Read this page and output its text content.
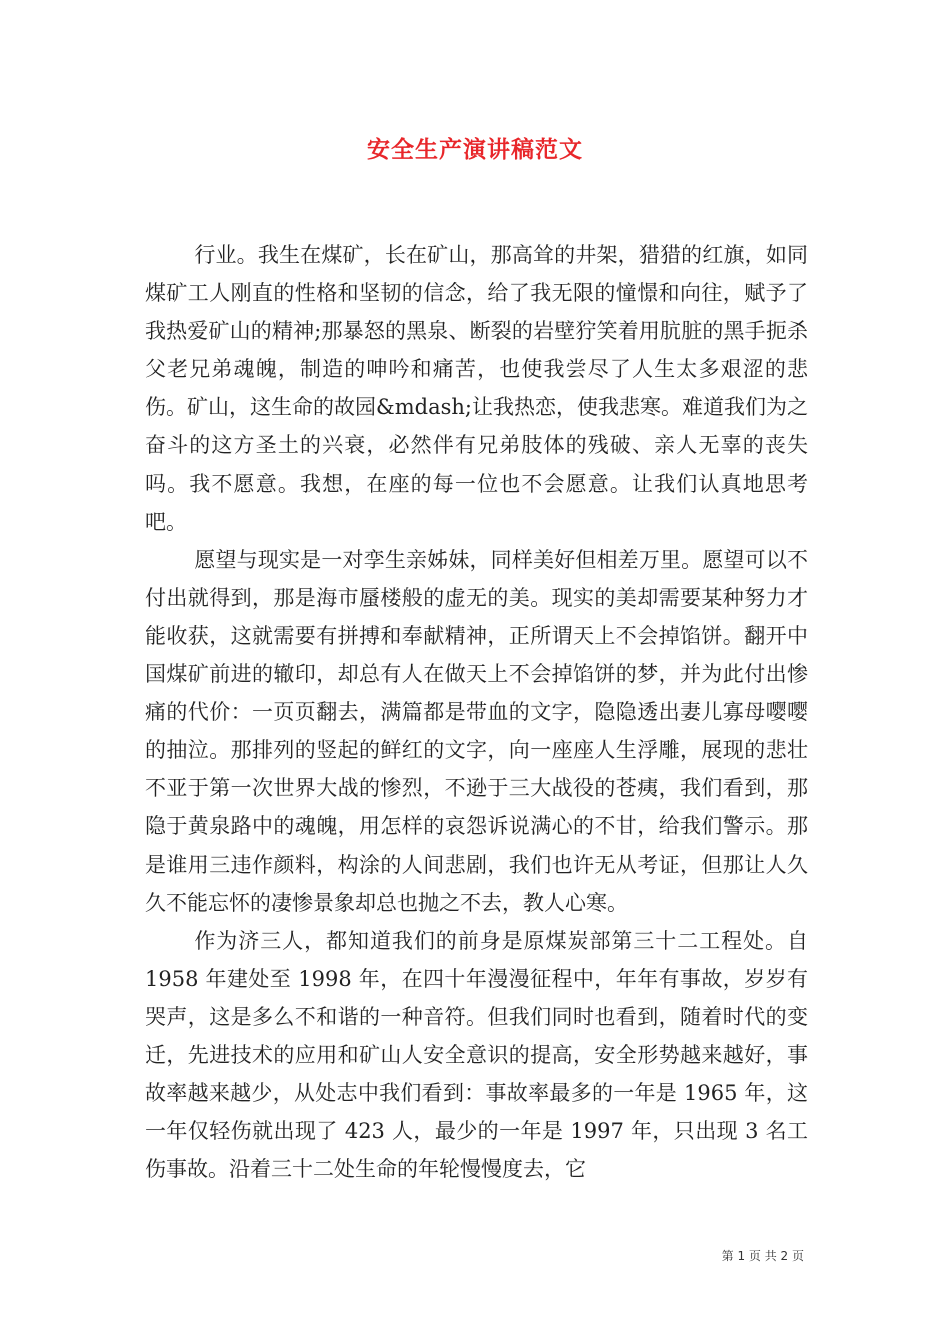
安全生产演讲稿范文

行业。我生在煤矿，长在矿山，那高耸的井架，猎猎的红旗，如同煤矿工人刚直的性格和坚韧的信念，给了我无限的憧憬和向往，赋予了我热爱矿山的精神;那暴怒的黑泉、断裂的岩壁狞笑着用肮脏的黑手扼杀父老兄弟魂魄，制造的呻吟和痛苦，也使我尝尽了人生太多艰涩的悲伤。矿山，这生命的故园&mdash;让我热恋，使我悲寒。难道我们为之奋斗的这方圣土的兴衰，必然伴有兄弟肢体的残破、亲人无辜的丧失吗。我不愿意。我想，在座的每一位也不会愿意。让我们认真地思考吧。

愿望与现实是一对孪生亲姊妹，同样美好但相差万里。愿望可以不付出就得到，那是海市蜃楼般的虚无的美。现实的美却需要某种努力才能收获，这就需要有拼搏和奉献精神，正所谓天上不会掉馅饼。翻开中国煤矿前进的辙印，却总有人在做天上不会掉馅饼的梦，并为此付出惨痛的代价：一页页翻去，满篇都是带血的文字，隐隐透出妻儿寡母嘤嘤的抽泣。那排列的竖起的鲜红的文字，向一座座人生浮雕，展现的悲壮不亚于第一次世界大战的惨烈，不逊于三大战役的苍痍，我们看到，那隐于黄泉路中的魂魄，用怎样的哀怨诉说满心的不甘，给我们警示。那是谁用三违作颜料，构涂的人间悲剧，我们也许无从考证，但那让人久久不能忘怀的凄惨景象却总也抛之不去，教人心寒。

作为济三人，都知道我们的前身是原煤炭部第三十二工程处。自 1958 年建处至 1998 年，在四十年漫漫征程中，年年有事故，岁岁有哭声，这是多么不和谐的一种音符。但我们同时也看到，随着时代的变迁，先进技术的应用和矿山人安全意识的提高，安全形势越来越好，事故率越来越少，从处志中我们看到：事故率最多的一年是 1965 年，这一年仅轻伤就出现了 423 人，最少的一年是 1997 年，只出现 3 名工伤事故。沿着三十二处生命的年轮慢慢度去，它

第 1 页 共 2 页
